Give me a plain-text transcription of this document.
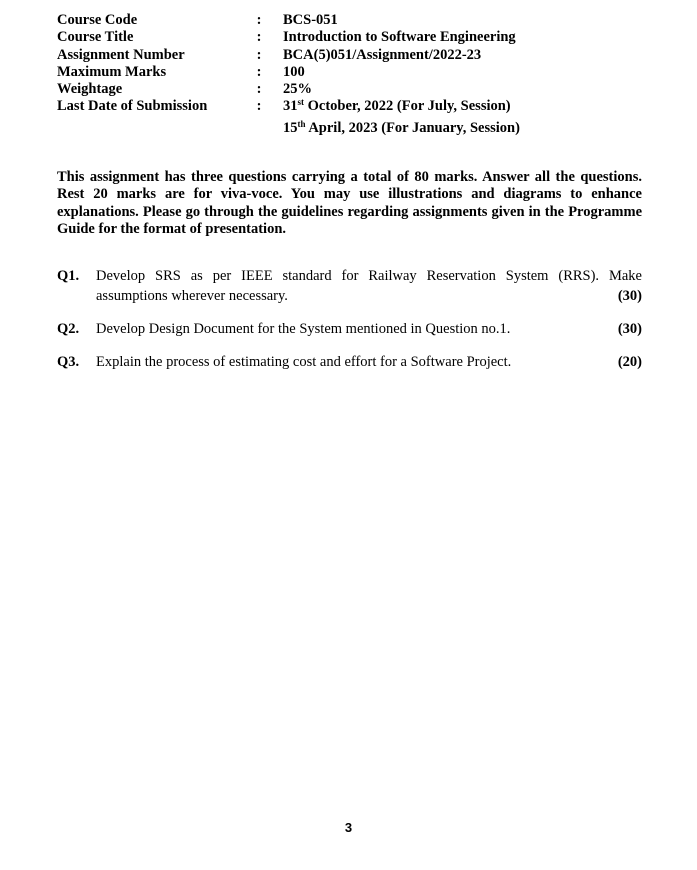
Course Code	:	BCS-051
Course Title	:	Introduction to Software Engineering
Assignment Number	:	BCA(5)051/Assignment/2022-23
Maximum Marks	:	100
Weightage	:	25%
Last Date of Submission	:	31st October, 2022 (For July, Session)
15th April, 2023 (For January, Session)

This assignment has three questions carrying a total of 80 marks. Answer all the questions. Rest 20 marks are for viva-voce. You may use illustrations and diagrams to enhance explanations. Please go through the guidelines regarding assignments given in the Programme Guide for the format of presentation.

Q1.	Develop SRS as per IEEE standard for Railway Reservation System (RRS). Make assumptions wherever necessary.	(30)
Q2.	Develop Design Document for the System mentioned in Question no.1.	(30)
Q3.	Explain the process of estimating cost and effort for a Software Project.	(20)
3
